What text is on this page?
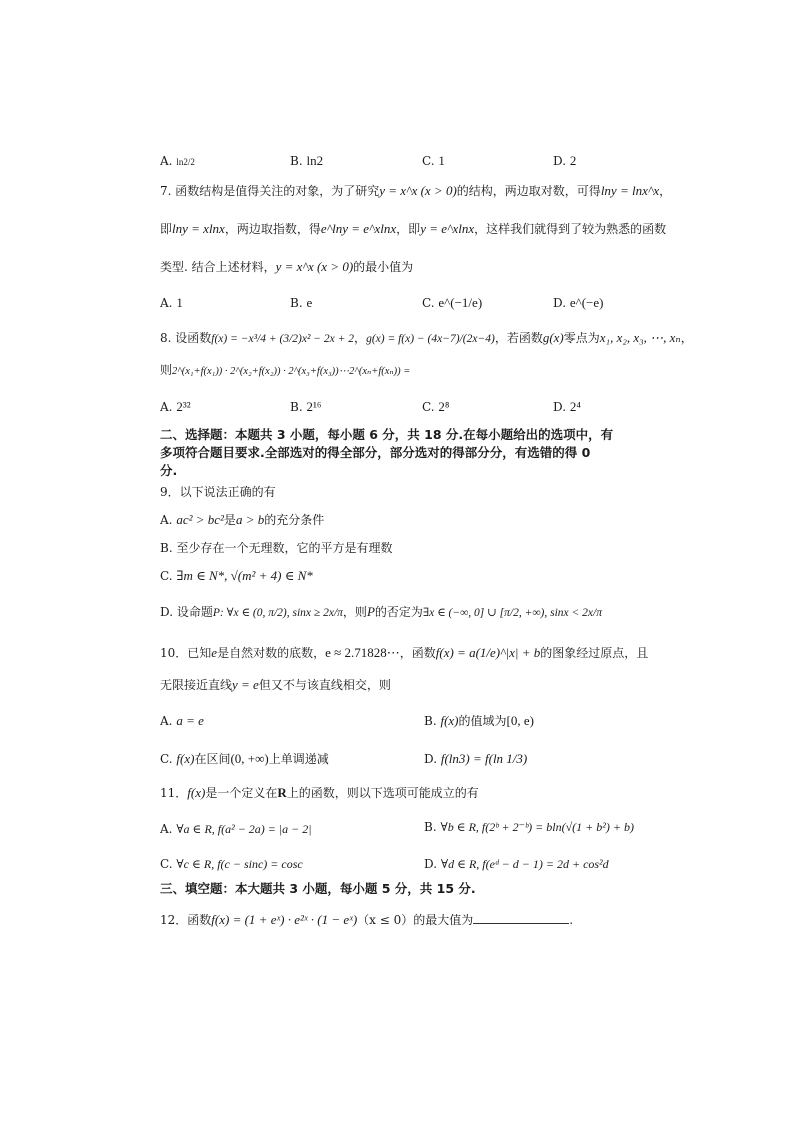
A. ln2/2	B. ln2	C. 1	D. 2
7. 函数结构是值得关注的对象，为了研究y = x^x (x > 0)的结构，两边取对数，可得lny = lnx^x，
即lny = xlnx，两边取指数，得e^lny = e^xlnx，即y = e^xlnx，这样我们就得到了较为熟悉的函数
类型. 结合上述材料，y = x^x (x > 0)的最小值为
A. 1	B. e	C. e^(−1/e)	D. e^(−e)
8. 设函数f(x) = −x³/4 + (3/2)x² − 2x + 2，g(x) = f(x) − (4x−7)/(2x−4)，若函数g(x)零点为x₁, x₂, x₃, ⋯, xₙ，
则2^(x₁+f(x₁)) · 2^(x₂+f(x₂)) · 2^(x₃+f(x₃))⋯2^(xₙ+f(xₙ)) =
A. 2³²	B. 2¹⁶	C. 2⁸	D. 2⁴
二、选择题：本题共 3 小题，每小题 6 分，共 18 分.在每小题给出的选项中，有
多项符合题目要求.全部选对的得全部分，部分选对的得部分分，有选错的得 0
分.
9．以下说法正确的有
A. ac² > bc²是a > b的充分条件
B. 至少存在一个无理数，它的平方是有理数
C. ∃m ∈ N*, √(m² + 4) ∈ N*
D. 设命题P: ∀x ∈ (0, π/2), sinx ≥ 2x/π，则P的否定为∃x ∈ (−∞, 0] ∪ [π/2, +∞), sinx < 2x/π
10．已知e是自然对数的底数，e ≈ 2.71828⋯，函数f(x) = a(1/e)^|x| + b的图象经过原点，且
无限接近直线y = e但又不与该直线相交，则
A. a = e	B. f(x)的值域为[0, e)
C. f(x)在区间(0, +∞)上单调递减	D. f(ln3) = f(ln 1/3)
11．f(x)是一个定义在R上的函数，则以下选项可能成立的有
A. ∀a ∈ R, f(a² − 2a) = |a − 2|	B. ∀b ∈ R, f(2ᵇ + 2⁻ᵇ) = bln(√(1 + b²) + b)
C. ∀c ∈ R, f(c − sinc) = cosc	D. ∀d ∈ R, f(eᵈ − d − 1) = 2d + cos²d
三、填空题：本大题共 3 小题，每小题 5 分，共 15 分.
12．函数f(x) = (1 + eˣ) · e²ˣ · (1 − eˣ)（x ≤ 0）的最大值为	.
